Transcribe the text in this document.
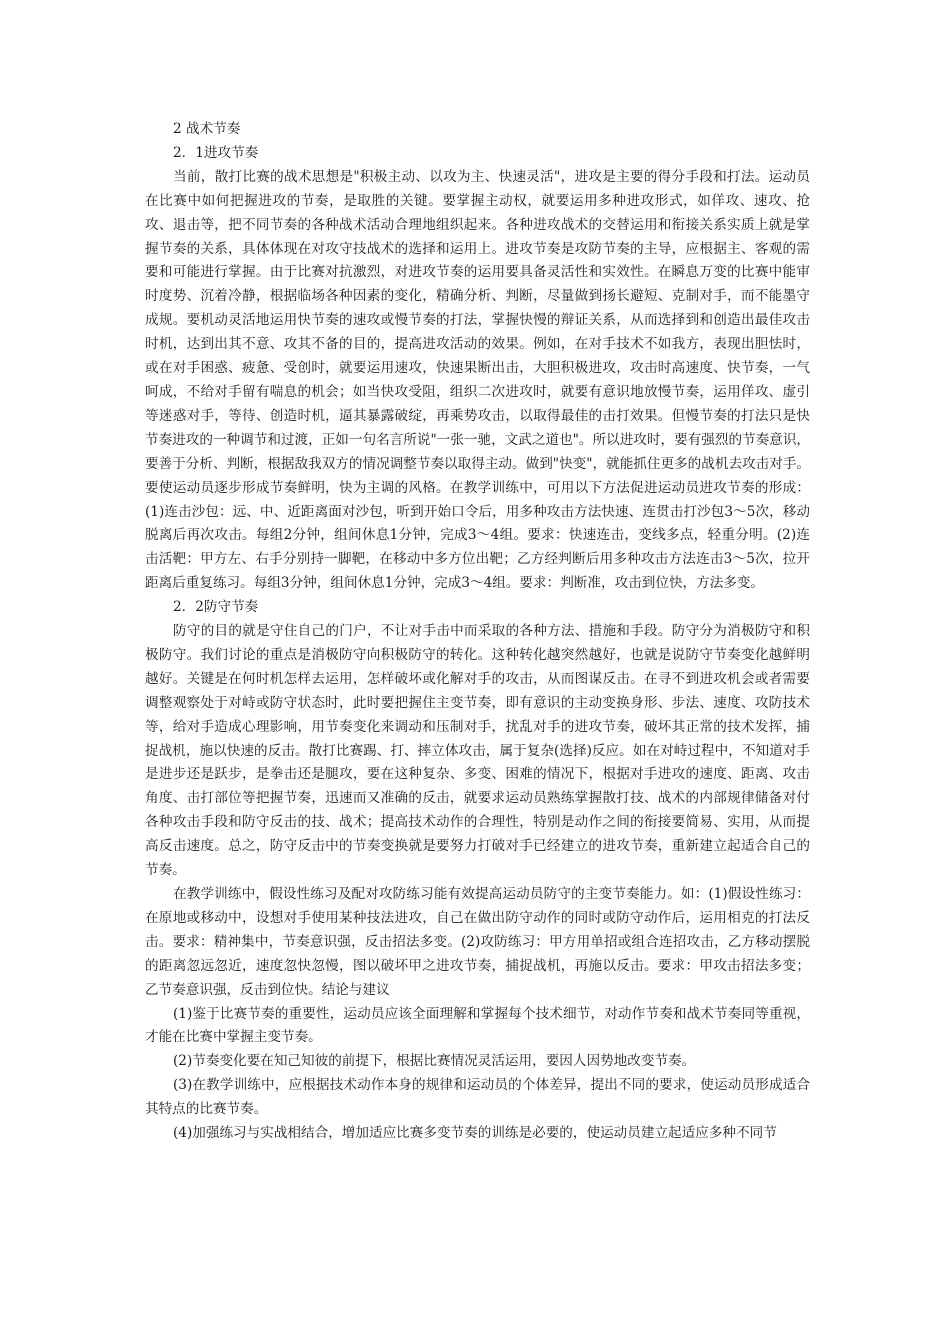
2 战术节奏

2．1进攻节奏

当前，散打比赛的战术思想是"积极主动、以攻为主、快速灵活"，进攻是主要的得分手段和打法。运动员在比赛中如何把握进攻的节奏，是取胜的关键。要掌握主动权，就要运用多种进攻形式，如佯攻、速攻、抢攻、退击等，把不同节奏的各种战术活动合理地组织起来。各种进攻战术的交替运用和衔接关系实质上就是掌握节奏的关系，具体体现在对攻守技战术的选择和运用上。进攻节奏是攻防节奏的主导，应根据主、客观的需要和可能进行掌握。由于比赛对抗激烈，对进攻节奏的运用要具备灵活性和实效性。在瞬息万变的比赛中能审时度势、沉着冷静，根据临场各种因素的变化，精确分析、判断，尽量做到扬长避短、克制对手，而不能墨守成规。要机动灵活地运用快节奏的速攻或慢节奏的打法，掌握快慢的辩证关系，从而选择到和创造出最佳攻击时机，达到出其不意、攻其不备的目的，提高进攻活动的效果。例如，在对手技术不如我方，表现出胆怯时，或在对手困惑、疲惫、受创时，就要运用速攻，快速果断出击，大胆积极进攻，攻击时高速度、快节奏，一气呵成，不给对手留有喘息的机会；如当快攻受阻，组织二次进攻时，就要有意识地放慢节奏，运用佯攻、虚引等迷惑对手，等待、创造时机，逼其暴露破绽，再乘势攻击，以取得最佳的击打效果。但慢节奏的打法只是快节奏进攻的一种调节和过渡，正如一句名言所说"一张一驰，文武之道也"。所以进攻时，要有强烈的节奏意识，要善于分析、判断，根据敌我双方的情况调整节奏以取得主动。做到"快变"，就能抓住更多的战机去攻击对手。要使运动员逐步形成节奏鲜明，快为主调的风格。在教学训练中，可用以下方法促进运动员进攻节奏的形成：(1)连击沙包：远、中、近距离面对沙包，听到开始口令后，用多种攻击方法快速、连贯击打沙包3～5次，移动脱离后再次攻击。每组2分钟，组间休息1分钟，完成3～4组。要求：快速连击，变线多点，轻重分明。(2)连击活靶：甲方左、右手分别持一脚靶，在移动中多方位出靶；乙方经判断后用多种攻击方法连击3～5次，拉开距离后重复练习。每组3分钟，组间休息1分钟，完成3～4组。要求：判断准，攻击到位快，方法多变。

2．2防守节奏

防守的目的就是守住自己的门户，不让对手击中而采取的各种方法、措施和手段。防守分为消极防守和积极防守。我们讨论的重点是消极防守向积极防守的转化。这种转化越突然越好，也就是说防守节奏变化越鲜明越好。关键是在何时机怎样去运用，怎样破坏或化解对手的攻击，从而图谋反击。在寻不到进攻机会或者需要调整观察处于对峙或防守状态时，此时要把握住主变节奏，即有意识的主动变换身形、步法、速度、攻防技术等，给对手造成心理影响，用节奏变化来调动和压制对手，扰乱对手的进攻节奏，破坏其正常的技术发挥，捕捉战机，施以快速的反击。散打比赛踢、打、摔立体攻击，属于复杂(选择)反应。如在对峙过程中，不知道对手是进步还是跃步，是拳击还是腿攻，要在这种复杂、多变、困难的情况下，根据对手进攻的速度、距离、攻击角度、击打部位等把握节奏，迅速而又准确的反击，就要求运动员熟练掌握散打技、战术的内部规律储备对付各种攻击手段和防守反击的技、战术；提高技术动作的合理性，特别是动作之间的衔接要简易、实用，从而提高反击速度。总之，防守反击中的节奏变换就是要努力打破对手已经建立的进攻节奏，重新建立起适合自己的节奏。

在教学训练中，假设性练习及配对攻防练习能有效提高运动员防守的主变节奏能力。如：(1)假设性练习：在原地或移动中，设想对手使用某种技法进攻，自己在做出防守动作的同时或防守动作后，运用相克的打法反击。要求：精神集中，节奏意识强，反击招法多变。(2)攻防练习：甲方用单招或组合连招攻击，乙方移动摆脱的距离忽远忽近，速度忽快忽慢，图以破坏甲之进攻节奏，捕捉战机，再施以反击。要求：甲攻击招法多变；乙节奏意识强，反击到位快。结论与建议

(1)鉴于比赛节奏的重要性，运动员应该全面理解和掌握每个技术细节，对动作节奏和战术节奏同等重视，才能在比赛中掌握主变节奏。

(2)节奏变化要在知己知彼的前提下，根据比赛情况灵活运用，要因人因势地改变节奏。

(3)在教学训练中，应根据技术动作本身的规律和运动员的个体差异，提出不同的要求，使运动员形成适合其特点的比赛节奏。

(4)加强练习与实战相结合，增加适应比赛多变节奏的训练是必要的，使运动员建立起适应多种不同节
